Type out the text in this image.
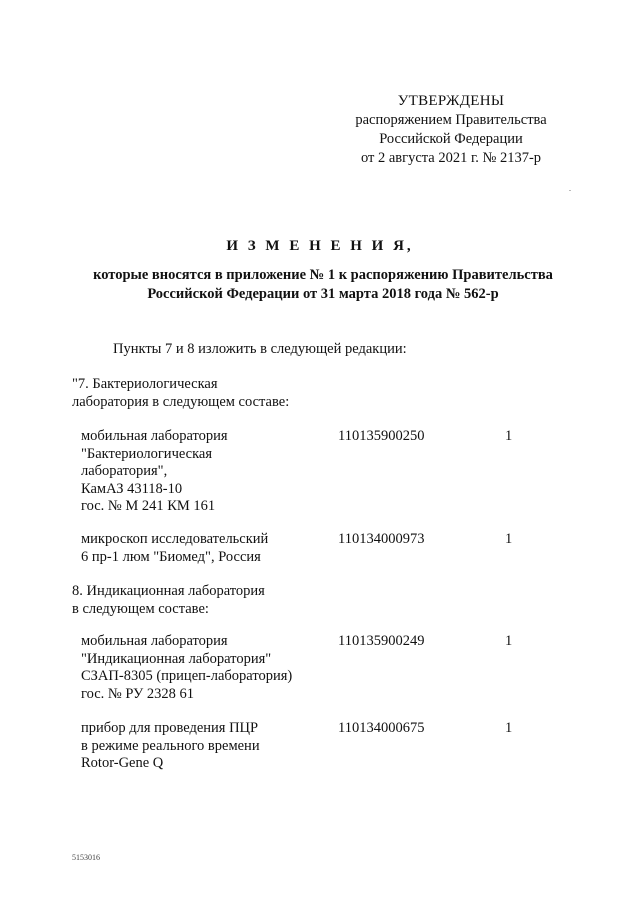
УТВЕРЖДЕНЫ
распоряжением Правительства
Российской Федерации
от 2 августа 2021 г. № 2137-р
И З М Е Н Е Н И Я,
которые вносятся в приложение № 1 к распоряжению Правительства
Российской Федерации от 31 марта 2018 года № 562-р
Пункты 7 и 8 изложить в следующей редакции:
"7. Бактериологическая
лаборатория в следующем составе:
мобильная лаборатория
"Бактериологическая
лаборатория",
КамАЗ 43118-10
гос. № М 241 КМ 161
110135900250	1
микроскоп исследовательский
6 пр-1 люм "Биомед", Россия
110134000973	1
8. Индикационная лаборатория
в следующем составе:
мобильная лаборатория
"Индикационная лаборатория"
СЗАП-8305 (прицеп-лаборатория)
гос. № РУ 2328 61
110135900249	1
прибор для проведения ПЦР
в режиме реального времени
Rotor-Gene Q
110134000675	1
5153016
